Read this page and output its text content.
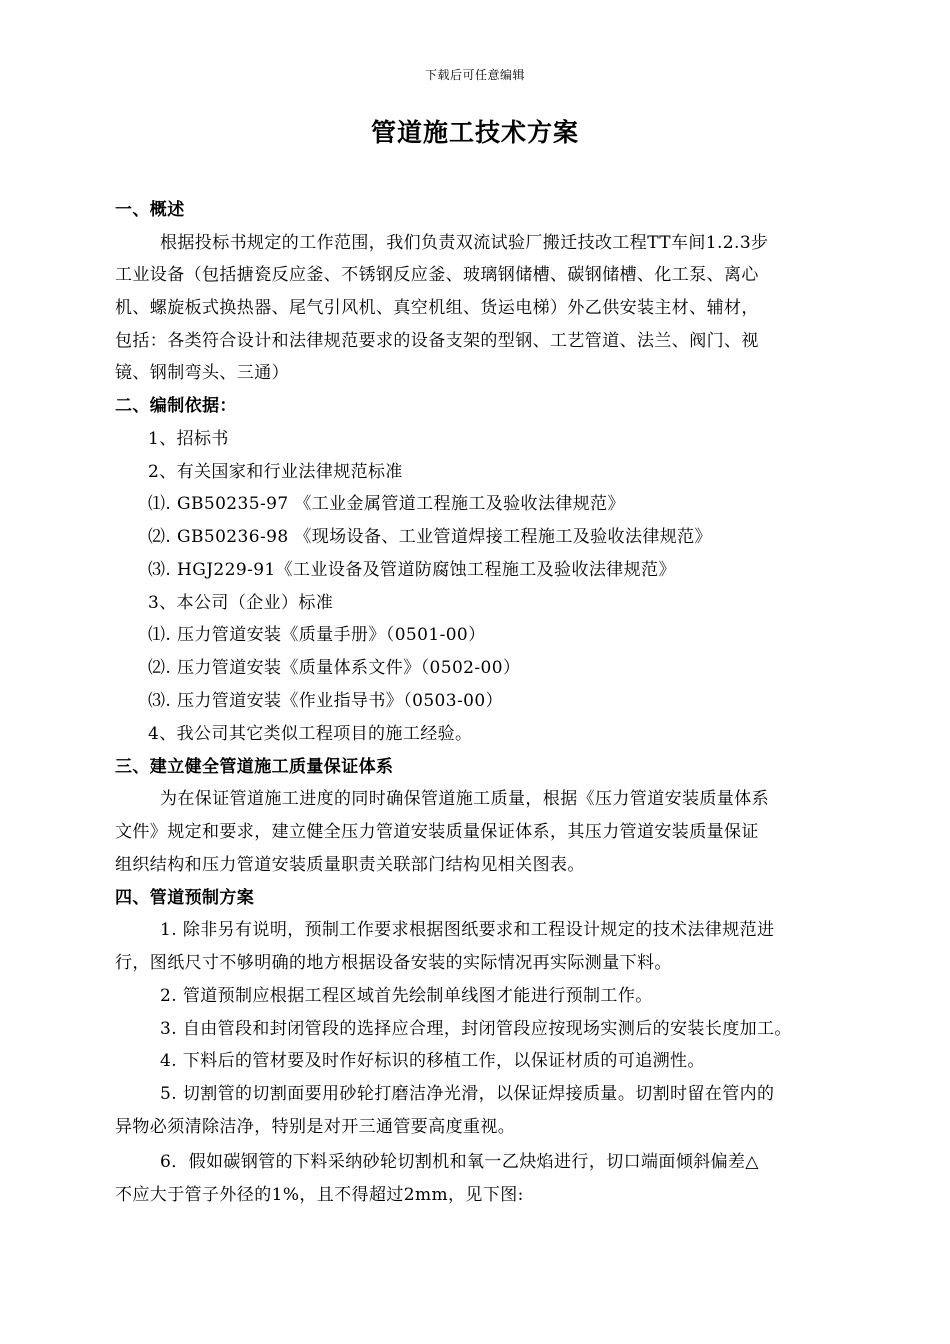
下载后可任意编辑
管道施工技术方案
一、概述
根据投标书规定的工作范围，我们负责双流试验厂搬迁技改工程TT车间1.2.3步
工业设备（包括搪瓷反应釜、不锈钢反应釜、玻璃钢储槽、碳钢储槽、化工泵、离心
机、螺旋板式换热器、尾气引风机、真空机组、货运电梯）外乙供安装主材、辅材，
包括：各类符合设计和法律规范要求的设备支架的型钢、工艺管道、法兰、阀门、视
镜、钢制弯头、三通）
二、编制依据：
1、招标书
2、有关国家和行业法律规范标准
⑴. GB50235-97 《工业金属管道工程施工及验收法律规范》
⑵. GB50236-98 《现场设备、工业管道焊接工程施工及验收法律规范》
⑶. HGJ229-91《工业设备及管道防腐蚀工程施工及验收法律规范》
3、本公司（企业）标准
⑴. 压力管道安装《质量手册》（0501-00）
⑵. 压力管道安装《质量体系文件》（0502-00）
⑶. 压力管道安装《作业指导书》（0503-00）
4、我公司其它类似工程项目的施工经验。
三、建立健全管道施工质量保证体系
为在保证管道施工进度的同时确保管道施工质量，根据《压力管道安装质量体系
文件》规定和要求，建立健全压力管道安装质量保证体系，其压力管道安装质量保证
组织结构和压力管道安装质量职责关联部门结构见相关图表。
四、管道预制方案
1. 除非另有说明，预制工作要求根据图纸要求和工程设计规定的技术法律规范进
行，图纸尺寸不够明确的地方根据设备安装的实际情况再实际测量下料。
2. 管道预制应根据工程区域首先绘制单线图才能进行预制工作。
3. 自由管段和封闭管段的选择应合理，封闭管段应按现场实测后的安装长度加工。
4. 下料后的管材要及时作好标识的移植工作，以保证材质的可追溯性。
5. 切割管的切割面要用砂轮打磨洁净光滑，以保证焊接质量。切割时留在管内的
异物必须清除洁净，特别是对开三通管要高度重视。
6．假如碳钢管的下料采纳砂轮切割机和氧一乙炔焰进行，切口端面倾斜偏差△
不应大于管子外径的1%，且不得超过2mm，见下图:
